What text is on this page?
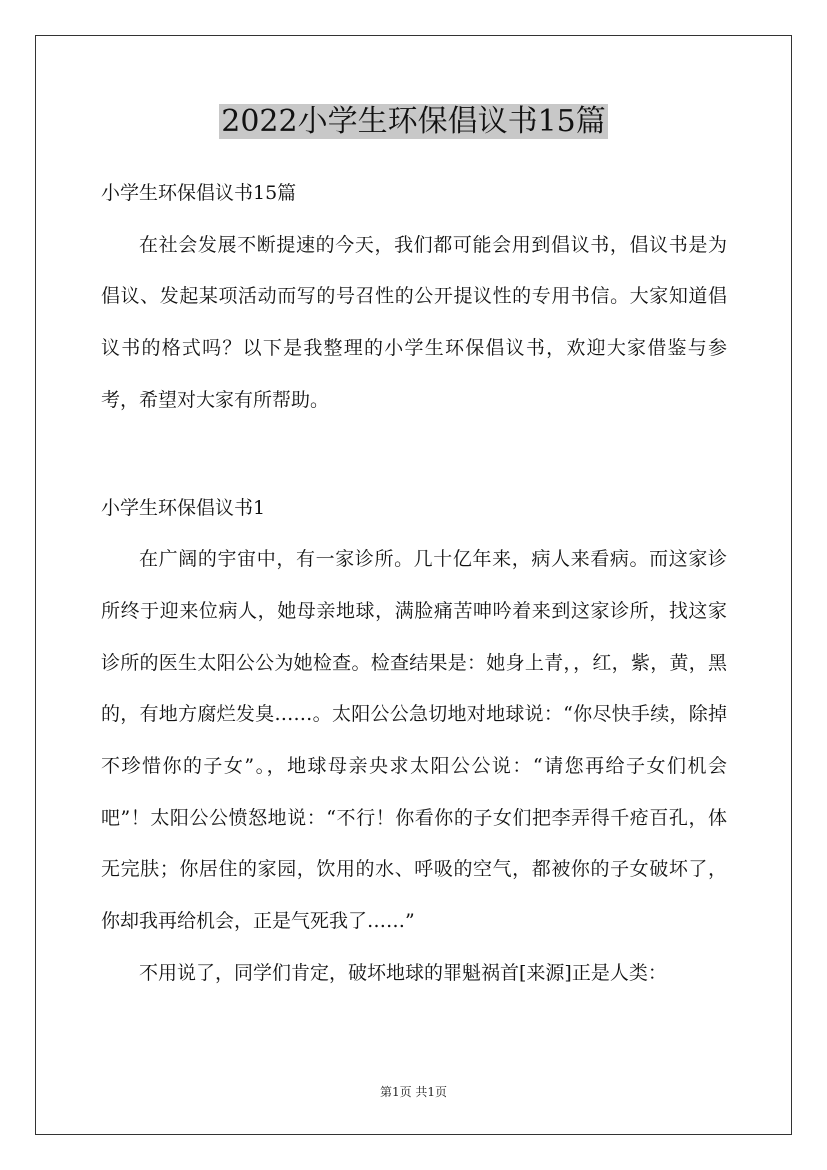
2022小学生环保倡议书15篇

小学生环保倡议书15篇

在社会发展不断提速的今天，我们都可能会用到倡议书，倡议书是为倡议、发起某项活动而写的号召性的公开提议性的专用书信。大家知道倡议书的格式吗？以下是我整理的小学生环保倡议书，欢迎大家借鉴与参考，希望对大家有所帮助。

小学生环保倡议书1

在广阔的宇宙中，有一家诊所。几十亿年来，病人来看病。而这家诊所终于迎来位病人，她母亲地球，满脸痛苦呻吟着来到这家诊所，找这家诊所的医生太阳公公为她检查。检查结果是：她身上青，，红，紫，黄，黑的，有地方腐烂发臭……。太阳公公急切地对地球说：“你尽快手续，除掉不珍惜你的子女”。，地球母亲央求太阳公公说：“请您再给子女们机会吧”！太阳公公愤怒地说：“不行！你看你的子女们把李弄得千疮百孔，体无完肤；你居住的家园，饮用的水、呼吸的空气，都被你的子女破坏了，你却我再给机会，正是气死我了……”

不用说了，同学们肯定，破坏地球的罪魁祸首[来源]正是人类：

第1页 共1页
